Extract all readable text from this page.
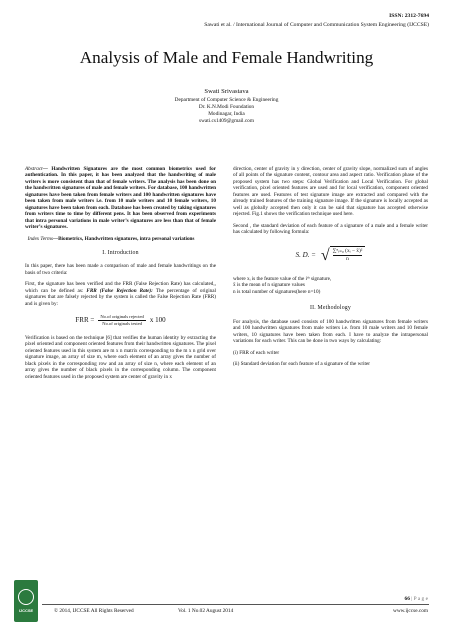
ISSN: 2312-7694
Sawati et al. / International Journal of Computer and Communication System Engineering (IJCCSE)
Analysis of Male and Female Handwriting
Swati Srivastava
Department of Computer Science & Engineering
Dr. K.N.Modi Foundation
Modinagar, India
swati.cs1409@gmail.com

Abstract— Handwritten Signatures are the most common biometrics used for authentication. In this paper, it has been analyzed that the handwriting of male writers is more consistent than that of female writers. The analysis has been done on the handwritten signatures of male and female writers. For database, 100 handwritten signatures have been taken from female writers and 100 handwritten signatures have been taken from male writers i.e. from 10 male writers and 10 female writers, 10 signatures have been taken from each. Database has been created by taking signatures from writers time to time by different pens. It has been observed from experiments that intra personal variations in male writer’s signatures are less than that of female writer’s signatures.

Index Terms—Biometrics, Handwritten signatures, intra personal variations

I. Introduction

In this paper, there has been made a comparison of male and female handwritings on the basis of two criteria:

First, the signature has been verified and the FRR (False Rejection Rate) has calculated,, which can be defined as: FRR (False Rejection Rate): The percentage of original signatures that are falsely rejected by the system is called the False Rejection Rate (FRR) and is given by:

FRR = $\frac{\text{No.of originals rejected}}{\text{No.of originals tested}}$ x 100

Verification is based on the technique [6] that verifies the human identity by extracting the pixel oriented and component oriented features from their handwritten signatures. The pixel oriented features used in this system are m x n matrix corresponding to the m x n grid over signature image, an array of size m, where each element of an array gives the number of black pixels in the corresponding row and an array of size n, where each element of an array gives the number of black pixels in the corresponding column. The component oriented features used in the proposed system are center of gravity in x

direction, center of gravity in y direction, center of gravity slope, normalized sum of angles of all points of the signature content, contour area and aspect ratio. Verification phase of the proposed system has two steps: Global Verification and Local Verification. For global verification, pixel oriented features are used and for local verification, component oriented features are used. Features of test signature image are extracted and compared with the already trained features of the training signature image. If the signature is locally accepted as well as globally accepted then only it can be said that signature has accepted otherwise rejected. Fig.1 shows the verification technique used here.

Second , the standard deviation of each feature of a signature of a male and a female writer has calculated by following formula:

S. D. = √ $\frac{\text{∑ⁿᵢ₌₀ (xᵢ − x̄)²}}{n}$
where xᵢ is the feature value of the iᵗʰ signature,
x̄ is the mean of n signature values
n is total number of signatures(here n=10)
II. Methodology

For analysis, the database used consists of 100 handwritten signatures from female writers and 100 handwritten signatures from male writers i.e. from 10 male writers and 10 female writers, 10 signatures have been taken from each. I have to analyze the intrapersonal variations for each writer. This can be done in two ways by calculating:

(i) FRR of each writer

(ii) Standard deviation for each feature of a signature of the writer

IJCCSE
66 | P a g e
© 2014, IJCCSE All Rights Reserved	Vol. 1 No.02 August 2014	www.ijccse.com
